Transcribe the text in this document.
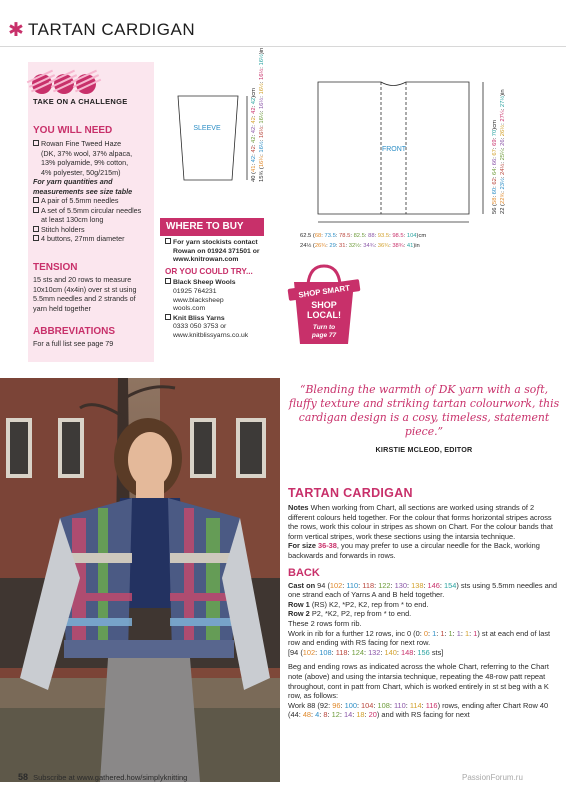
✱ TARTAN CARDIGAN
TAKE ON A CHALLENGE
YOU WILL NEED
Rowan Fine Tweed Haze
(DK, 37% wool, 37% alpaca,
13% polyamide, 9% cotton,
4% polyester, 50g/215m)
For yarn quantities and
measurements see size table
A pair of 5.5mm needles
A set of 5.5mm circular needles
at least 130cm long
Stitch holders
4 buttons, 27mm diameter
TENSION
15 sts and 20 rows to measure
10x10cm (4x4in) over st st using
5.5mm needles and 2 strands of
yarn held together
ABBREVIATIONS
For a full list see page 79
SLEEVE
FRONT
40 (41: 42: 42: 42: 42: 42: 42: 42)cm
15¾ (16¼: 16½: 16½: 16½: 16½: 16½: 16½: 16½)in
56 (58: 60: 62: 64: 66: 67: 69: 70)cm
22 (22¾: 23½: 24½: 25¼: 26: 26½: 27¼: 27½)in
62.5 (68: 73.5: 78.5: 82.5: 88: 93.5: 98.5: 104)cm
24½ (26¾: 29: 31: 32½: 34¾: 36¾: 38¾: 41)in
WHERE TO BUY
For yarn stockists contact
Rowan on 01924 371501 or
www.knitrowan.com
OR YOU COULD TRY...
Black Sheep Wools
01925 764231
www.blacksheep
wools.com
Knit Bliss Yarns
0333 050 3753 or
www.knitblissyarns.co.uk
SHOP SMART
SHOP
LOCAL!
Turn to
page 77
“Blending the warmth of DK yarn with a soft, fluffy texture and striking tartan colourwork, this cardigan design is a cosy, timeless, statement piece.”
KIRSTIE MCLEOD, EDITOR
TARTAN CARDIGAN

Notes When working from Chart, all sections are worked using strands of 2 different colours held together. For the colour that forms horizontal stripes across the rows, work this colour in stripes as shown on Chart. For the colour bands that form vertical stripes, work these sections using the intarsia technique.

For size 36-38, you may prefer to use a circular needle for the Back, working backwards and forwards in rows.

BACK

Cast on 94 (102: 110: 118: 122: 130: 138: 146: 154) sts using 5.5mm needles and one strand each of Yarns A and B held together.

Row 1 (RS) K2, *P2, K2, rep from * to end.

Row 2 P2, *K2, P2, rep from * to end.

These 2 rows form rib.

Work in rib for a further 12 rows, inc 0 (0: 0: 1: 1: 1: 1: 1: 1) st at each end of last row and ending with RS facing for next row.

[94 (102: 108: 118: 124: 132: 140: 148: 156 sts]

Beg and ending rows as indicated across the whole Chart, referring to the Chart note (above) and using the intarsia technique, repeating the 48-row patt repeat throughout, cont in patt from Chart, which is worked entirely in st st beg with a K row, as follows:

Work 88 (92: 96: 100: 104: 108: 110: 114: 116) rows, ending after Chart Row 40 (44: 48: 4: 8: 12: 14: 18: 20) and with RS facing for next

58 Subscribe at www.gathered.how/simplyknitting	PassionForum.ru
